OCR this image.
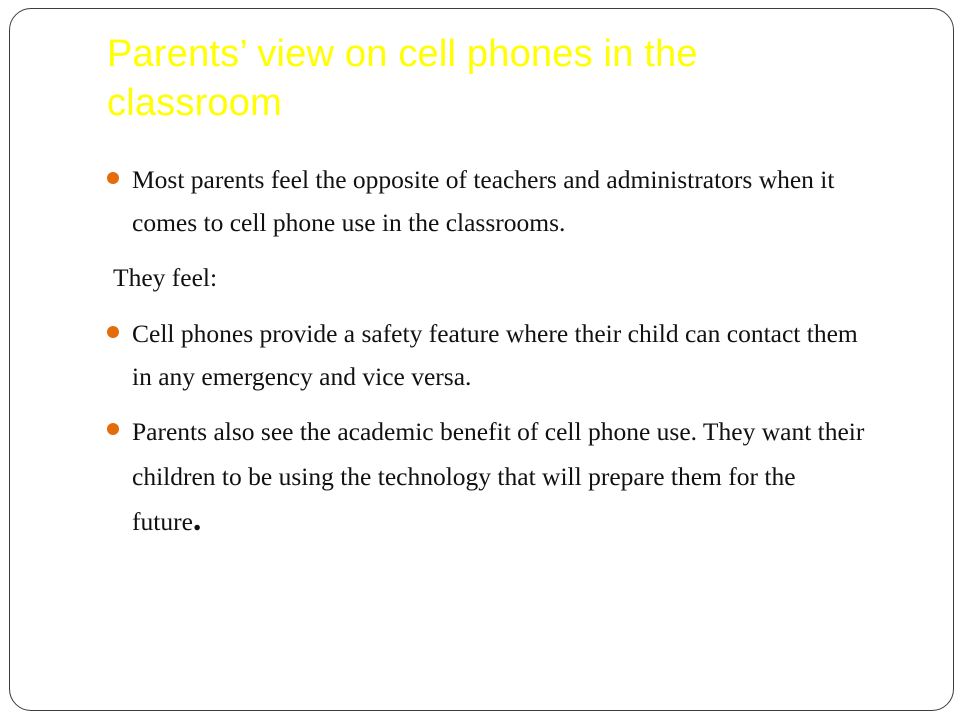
Parents’ view on cell phones in the classroom

Most parents feel the opposite of teachers and administrators when it comes to cell phone use in the classrooms.

They feel:

Cell phones provide a safety feature where their child can contact them in any emergency and vice versa.

Parents also see the academic benefit of cell phone use. They want their children to be using the technology that will prepare them for the future.
